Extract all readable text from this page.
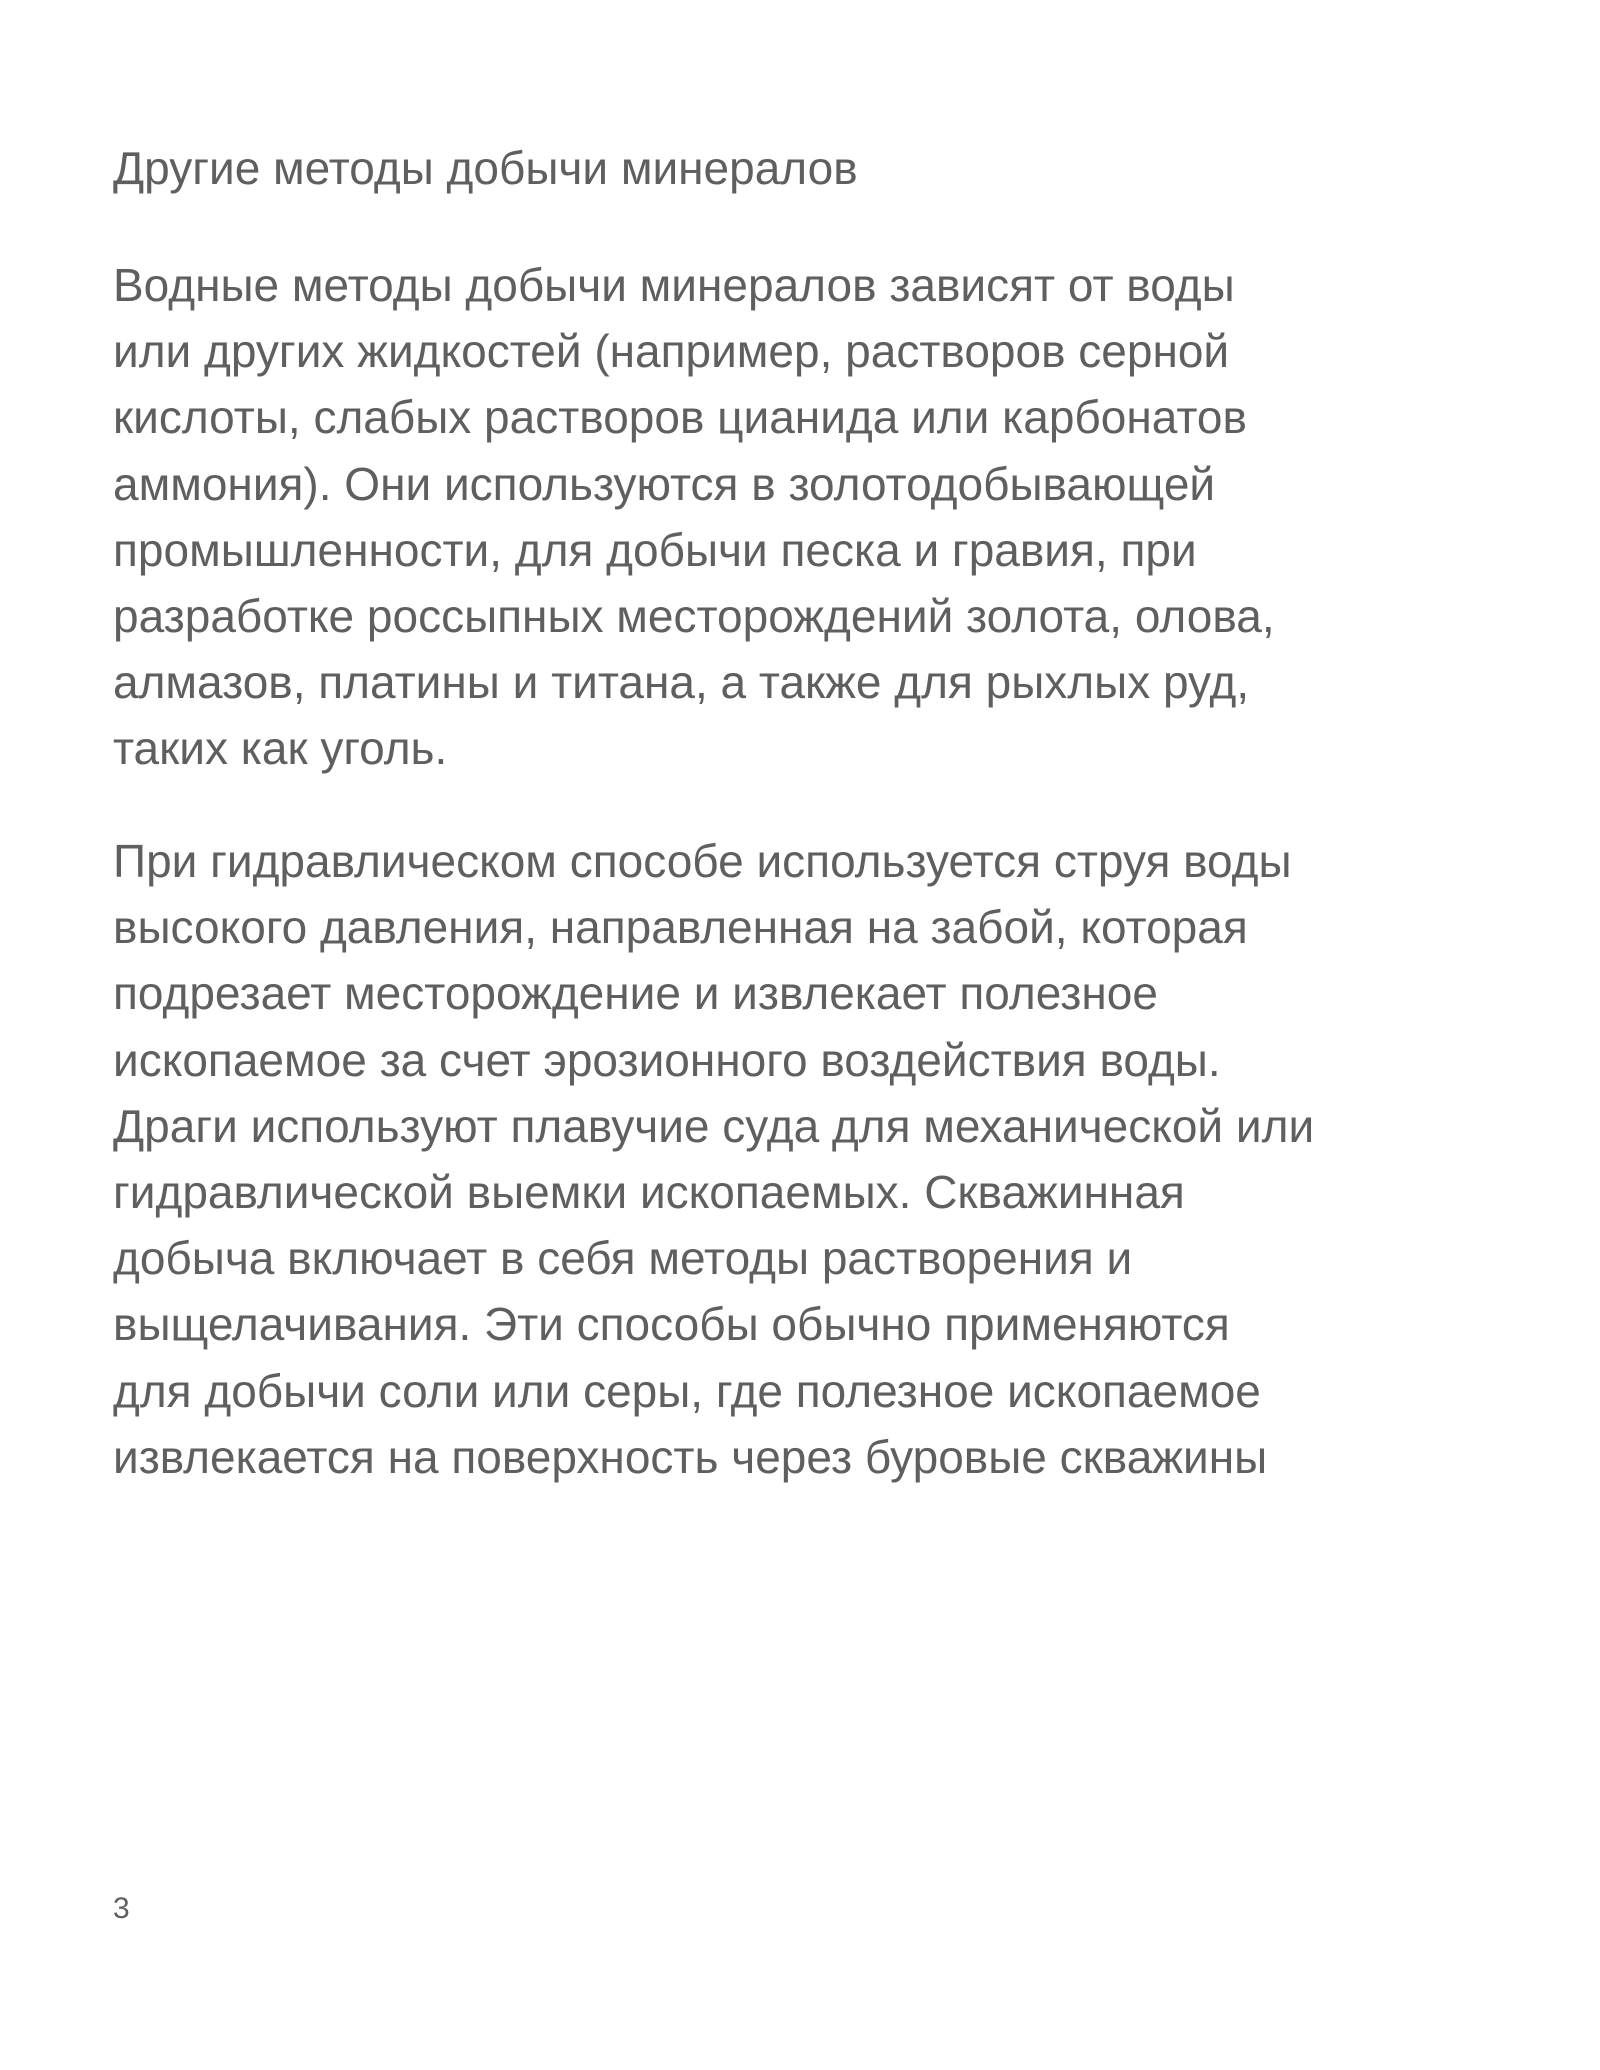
Другие методы добычи минералов

Водные методы добычи минералов зависят от воды
или других жидкостей (например, растворов серной
кислоты, слабых растворов цианида или карбонатов
аммония). Они используются в золотодобывающей
промышленности, для добычи песка и гравия, при
разработке россыпных месторождений золота, олова,
алмазов, платины и титана, а также для рыхлых руд,
таких как уголь.

При гидравлическом способе используется струя воды
высокого давления, направленная на забой, которая
подрезает месторождение и извлекает полезное
ископаемое за счет эрозионного воздействия воды.
Драги используют плавучие суда для механической или
гидравлической выемки ископаемых. Скважинная
добыча включает в себя методы растворения и
выщелачивания. Эти способы обычно применяются
для добычи соли или серы, где полезное ископаемое
извлекается на поверхность через буровые скважины

3
